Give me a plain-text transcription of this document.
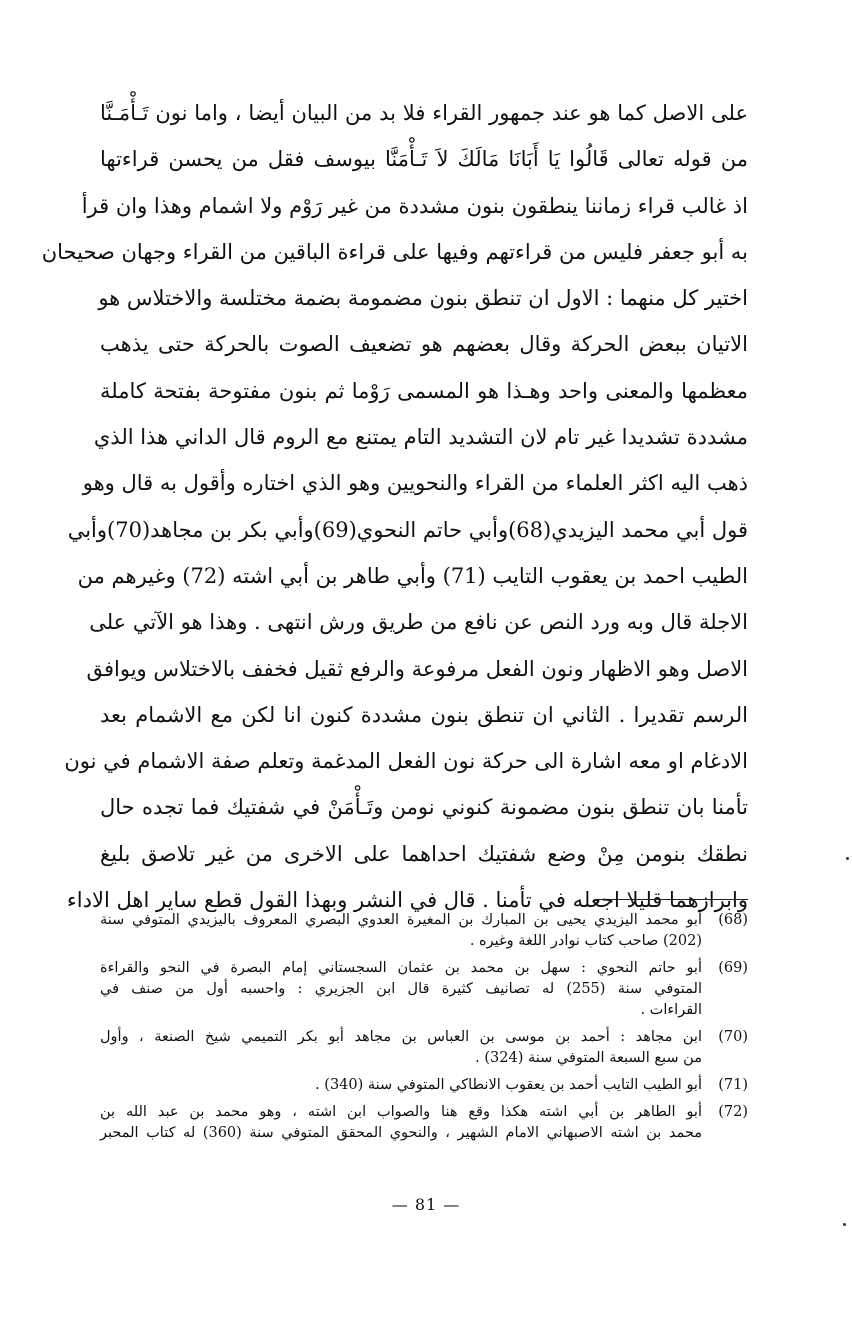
على الاصل كما هو عند جمهور القراء فلا بد من البيان أيضا ، واما نون تَـأْمَـنَّا
من قوله تعالى قَالُوا يَا أَبَانَا مَالَكَ لاَ تَـأْمَنَّا بيوسف فقل من يحسن قراءتها
اذ غالب قراء زماننا ينطقون بنون مشددة من غير رَوْم ولا اشمام وهذا وان قرأ
به أبو جعفر فليس من قراءتهم وفيها على قراءة الباقين من القراء وجهان صحيحان
اختير كل منهما : الاول ان تنطق بنون مضمومة بضمة مختلسة والاختلاس هو
الاتيان ببعض الحركة وقال بعضهم هو تضعيف الصوت بالحركة حتى يذهب
معظمها والمعنى واحد وهـذا هو المسمى رَوْما ثم بنون مفتوحة بفتحة كاملة
مشددة تشديدا غير تام لان التشديد التام يمتنع مع الروم قال الداني هذا الذي
ذهب اليه اكثر العلماء من القراء والنحويين وهو الذي اختاره وأقول به قال وهو
قول أبي محمد اليزيدي(68)وأبي حاتم النحوي(69)وأبي بكر بن مجاهد(70)وأبي
الطيب احمد بن يعقوب التايب (71) وأبي طاهر بن أبي اشته (72) وغيرهم من
الاجلة قال وبه ورد النص عن نافع من طريق ورش انتهى . وهذا هو الآتي على
الاصل وهو الاظهار ونون الفعل مرفوعة والرفع ثقيل فخفف بالاختلاس ويوافق
الرسم تقديرا . الثاني ان تنطق بنون مشددة كنون انا لكن مع الاشمام بعد
الادغام او معه اشارة الى حركة نون الفعل المدغمة وتعلم صفة الاشمام في نون
تأمنا بان تنطق بنون مضمونة كنوني نومن وتَـأْمَنْ في شفتيك فما تجده حال
نطقك بنومن مِنْ وضع شفتيك احداهما على الاخرى من غير تلاصق بليغ
وابرازهما قليلا اجعله في تأمنا . قال في النشر وبهذا القول قطع ساير اهل الاداء
(68)
أبو محمد اليزيدي يحيى بن المبارك بن المغيرة العدوي البصري المعروف باليزيدي المتوفي سنة
(202) صاحب كتاب نوادر اللغة وغيره .
(69)
أبو حاتم النحوي : سهل بن محمد بن عثمان السجستاني إمام البصرة في النحو والقراءة
المتوفي سنة (255) له تصانيف كثيرة قال ابن الجزيري : واحسبه أول من صنف في
القراءات .
(70)
ابن مجاهد : أحمد بن موسى بن العباس بن مجاهد أبو بكر التميمي شيخ الصنعة ، وأول
من سبع السبعة المتوفي سنة (324) .
(71)
أبو الطيب التايب أحمد بن يعقوب الانطاكي المتوفي سنة (340) .
(72)
أبو الطاهر بن أبي اشته هكذا وقع هنا والصواب ابن اشته ، وهو محمد بن عبد الله بن
محمد بن اشته الاصبهاني الامام الشهير ، والنحوي المحقق المتوفي سنة (360) له كتاب المحبر
— 81 —
